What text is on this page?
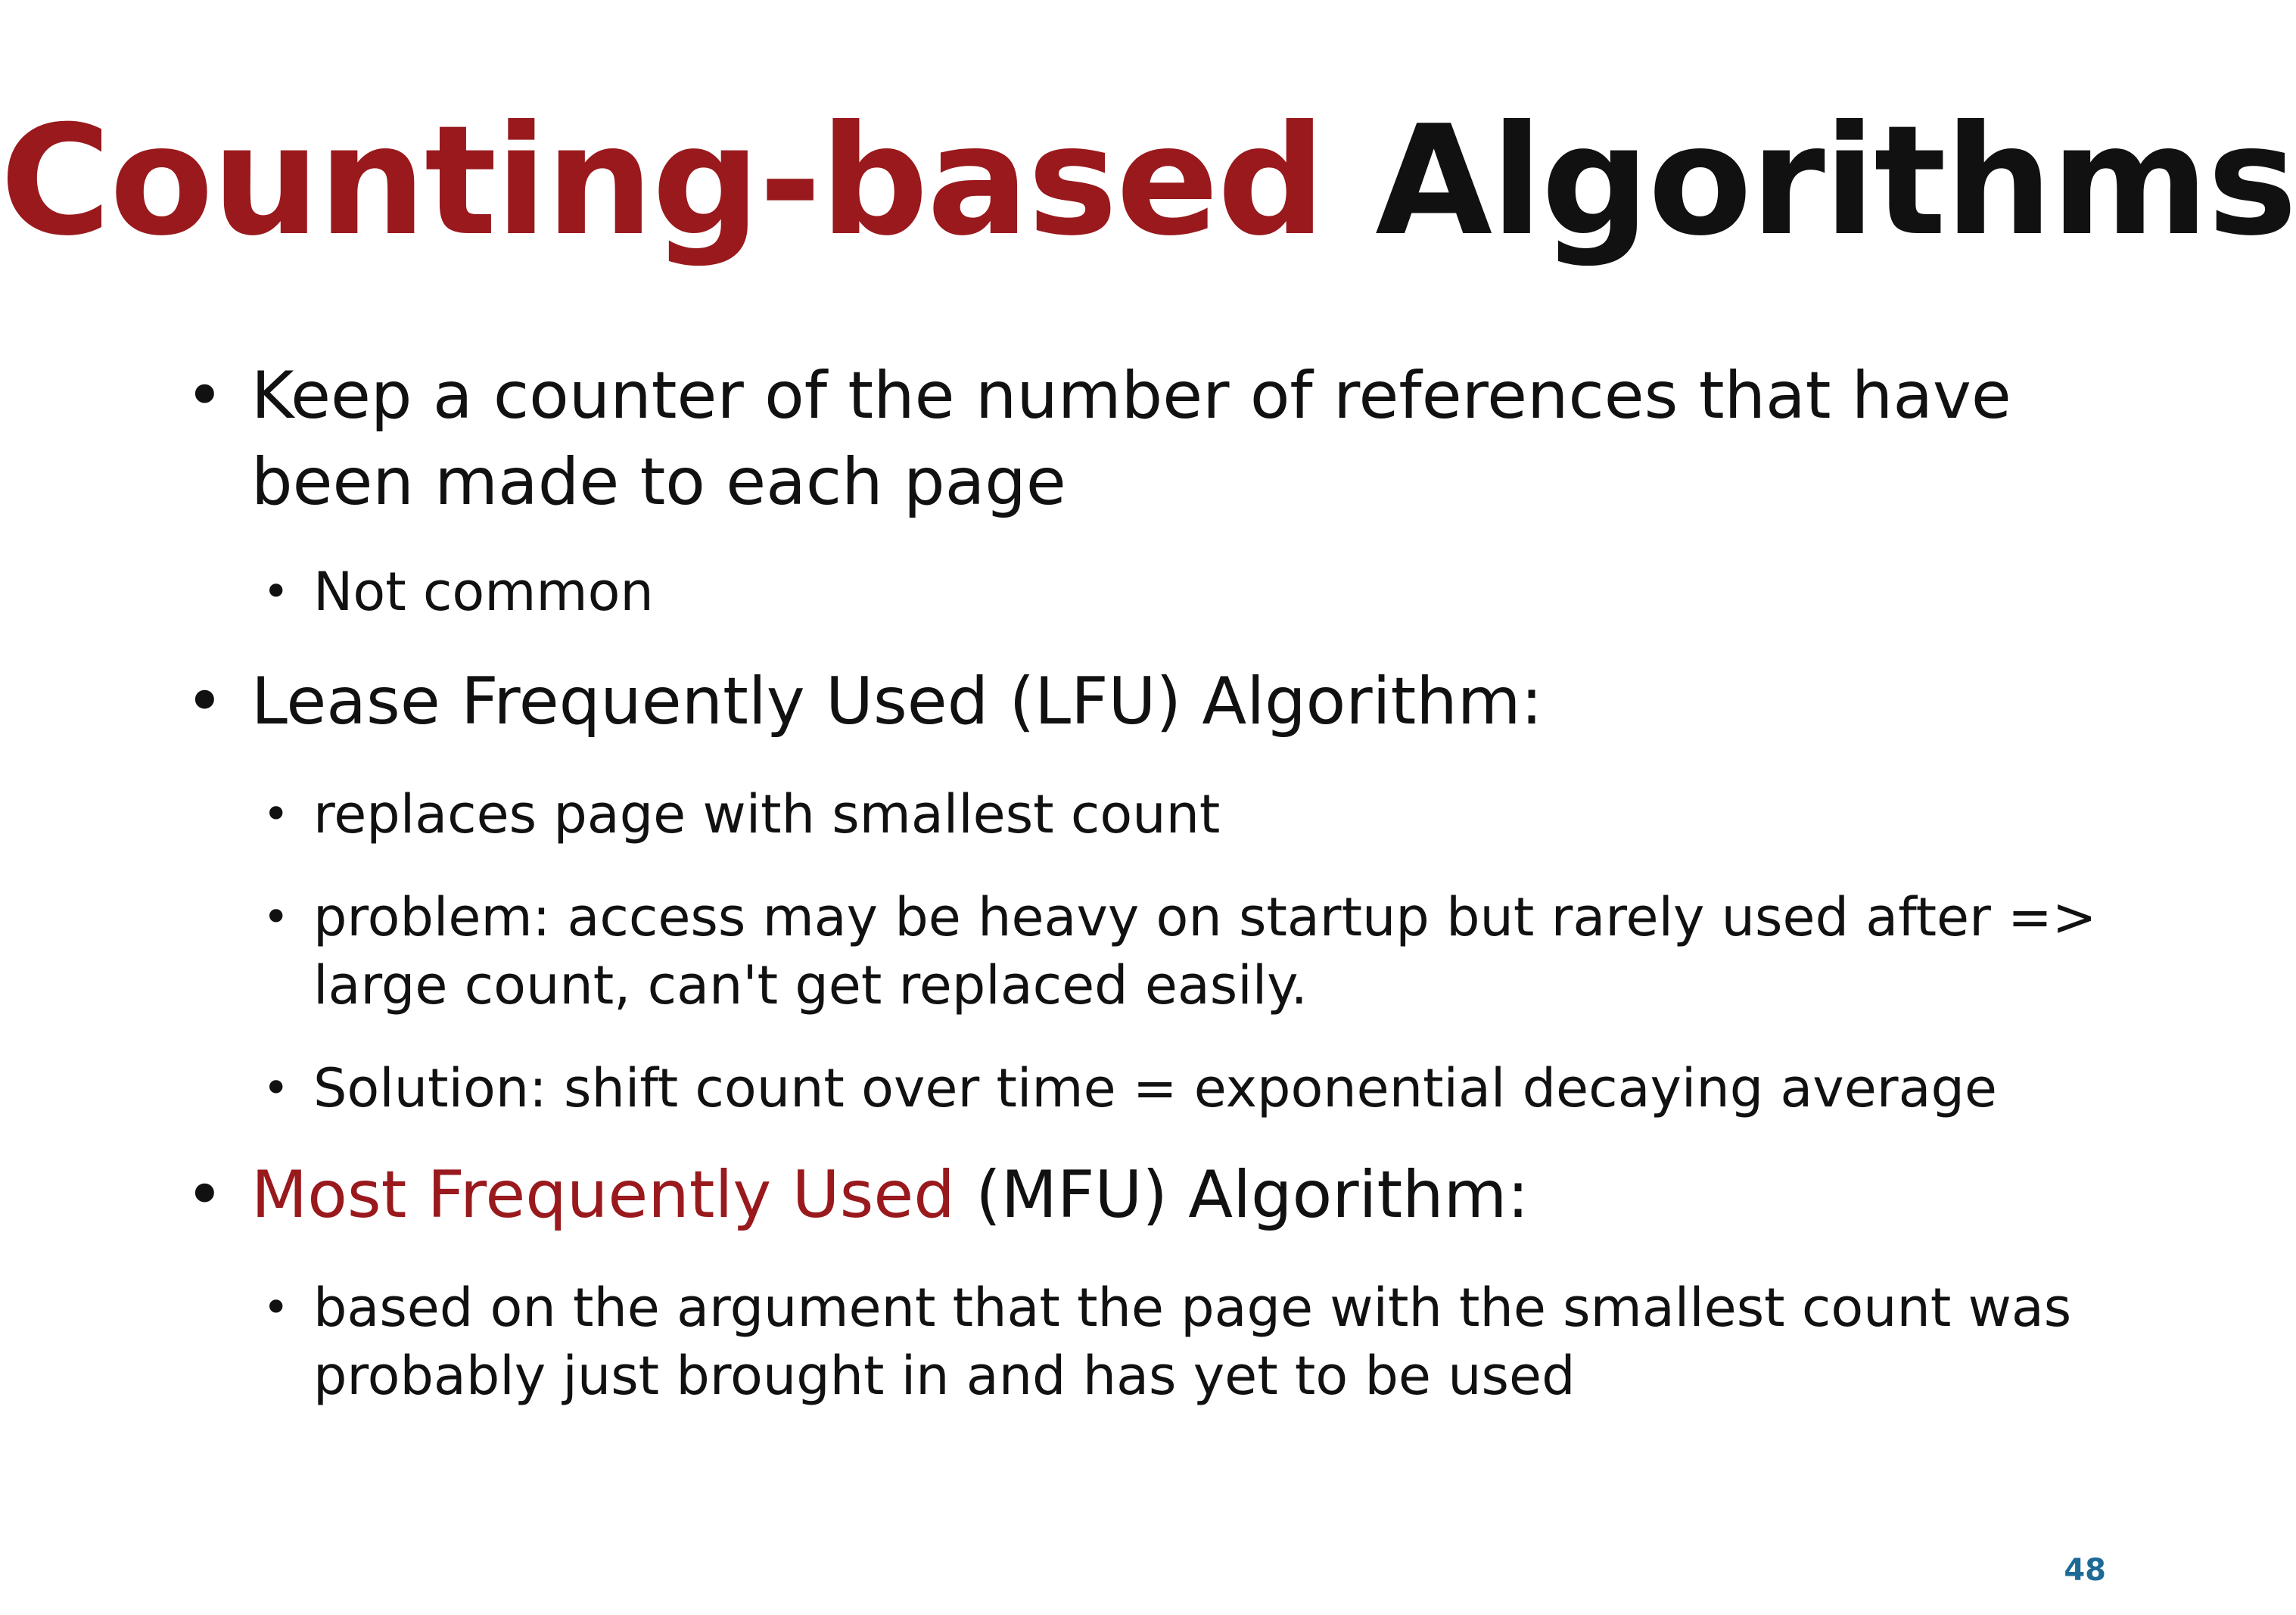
Counting-based Algorithms
• Keep a counter of the number of references that have
been made to each page
• Not common
• Lease Frequently Used (LFU) Algorithm:
• replaces page with smallest count
• problem: access may be heavy on startup but rarely used after =>
large count, can't get replaced easily.
• Solution: shift count over time = exponential decaying average
• Most Frequently Used (MFU) Algorithm:
• based on the argument that the page with the smallest count was
probably just brought in and has yet to be used
48
